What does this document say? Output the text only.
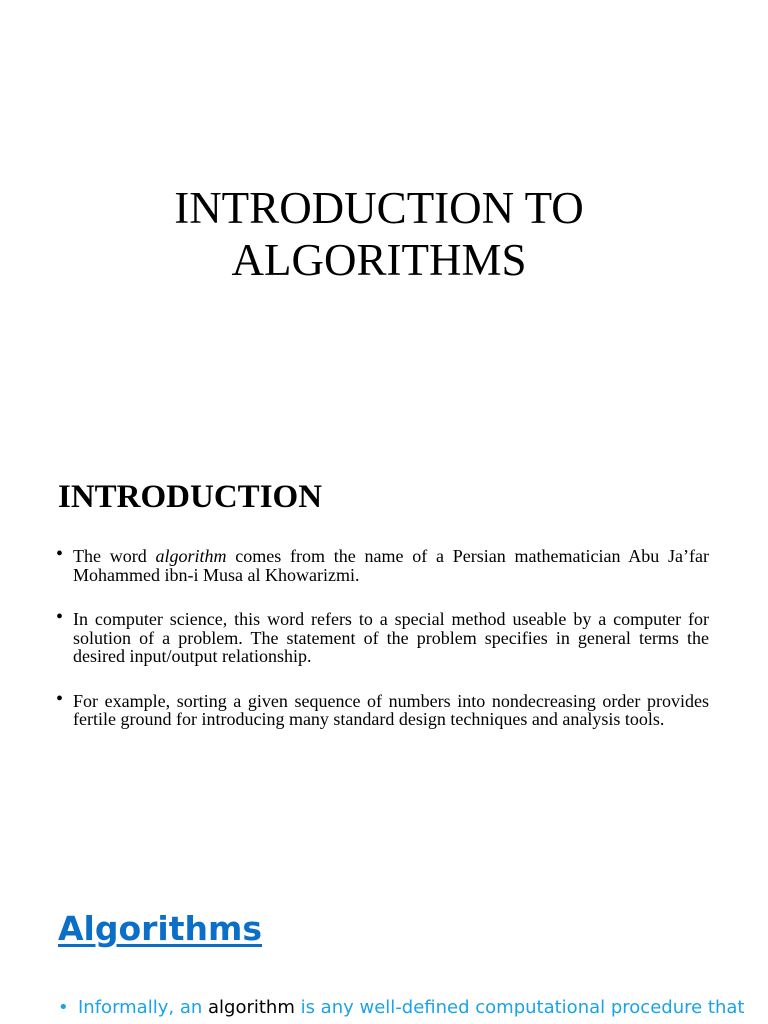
INTRODUCTION TO
ALGORITHMS
INTRODUCTION
• The word algorithm comes from the name of a Persian mathematician Abu Ja’far Mohammed ibn-i Musa al Khowarizmi.
• In computer science, this word refers to a special method useable by a computer for solution of a problem. The statement of the problem specifies in general terms the desired input/output relationship.
• For example, sorting a given sequence of numbers into nondecreasing order provides fertile ground for introducing many standard design techniques and analysis tools.
Algorithms
• Informally, an algorithm is any well-defined computational procedure that
